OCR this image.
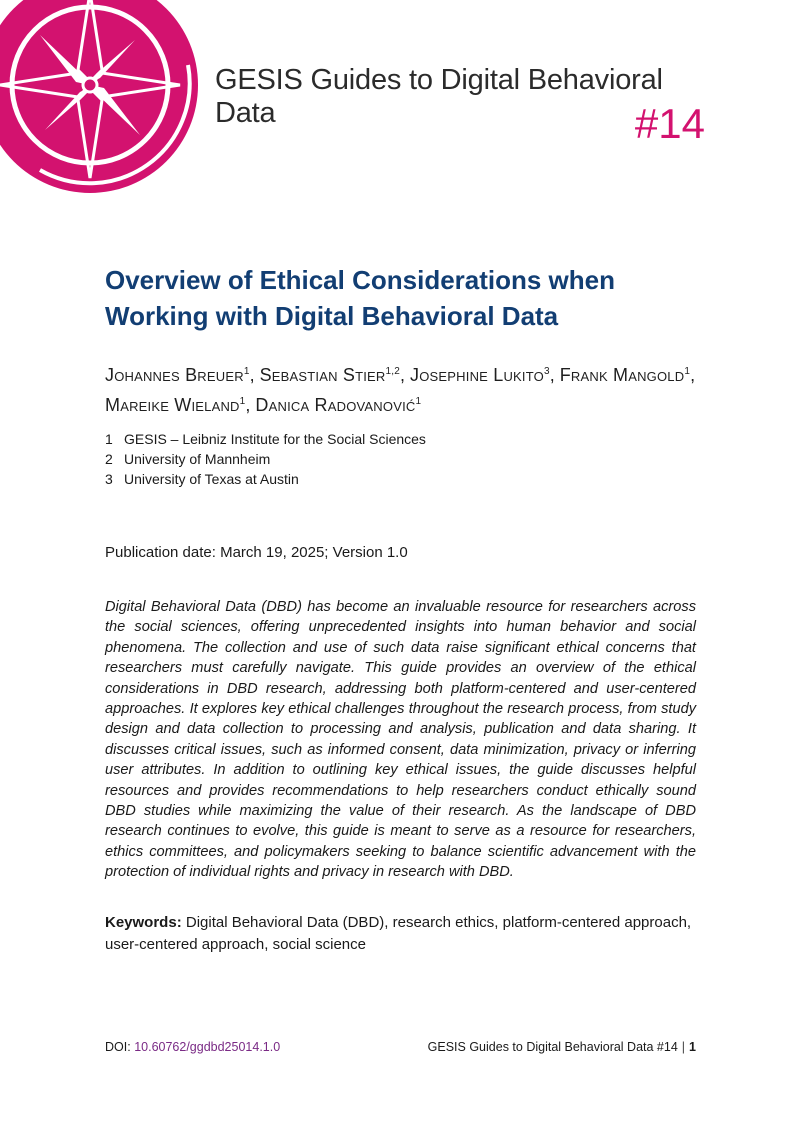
GESIS Guides to Digital Behavioral Data	#14
Overview of Ethical Considerations when Working with Digital Behavioral Data
Johannes Breuer$^1$, Sebastian Stier$^{1,2}$, Josephine Lukito$^3$, Frank Mangold$^1$, Mareike Wieland$^1$, Danica Radovanović$^1$
1 GESIS – Leibniz Institute for the Social Sciences
2 University of Mannheim
3 University of Texas at Austin
Publication date: March 19, 2025; Version 1.0

Digital Behavioral Data (DBD) has become an invaluable resource for researchers across the social sciences, offering unprecedented insights into human behavior and social phenomena. The collection and use of such data raise significant ethical concerns that researchers must carefully navigate. This guide provides an overview of the ethical considerations in DBD research, addressing both platform-centered and user-centered approaches. It explores key ethical challenges throughout the research process, from study design and data collection to processing and analysis, publication and data sharing. It discusses critical issues, such as informed consent, data minimization, privacy or inferring user attributes. In addition to outlining key ethical issues, the guide discusses helpful resources and provides recommendations to help researchers conduct ethically sound DBD studies while maximizing the value of their research. As the landscape of DBD research continues to evolve, this guide is meant to serve as a resource for researchers, ethics committees, and policymakers seeking to balance scientific advancement with the protection of individual rights and privacy in research with DBD.

Keywords: Digital Behavioral Data (DBD), research ethics, platform-centered approach, user-centered approach, social science
DOI: 10.60762/ggdbd25014.1.0	GESIS Guides to Digital Behavioral Data #14 | 1
